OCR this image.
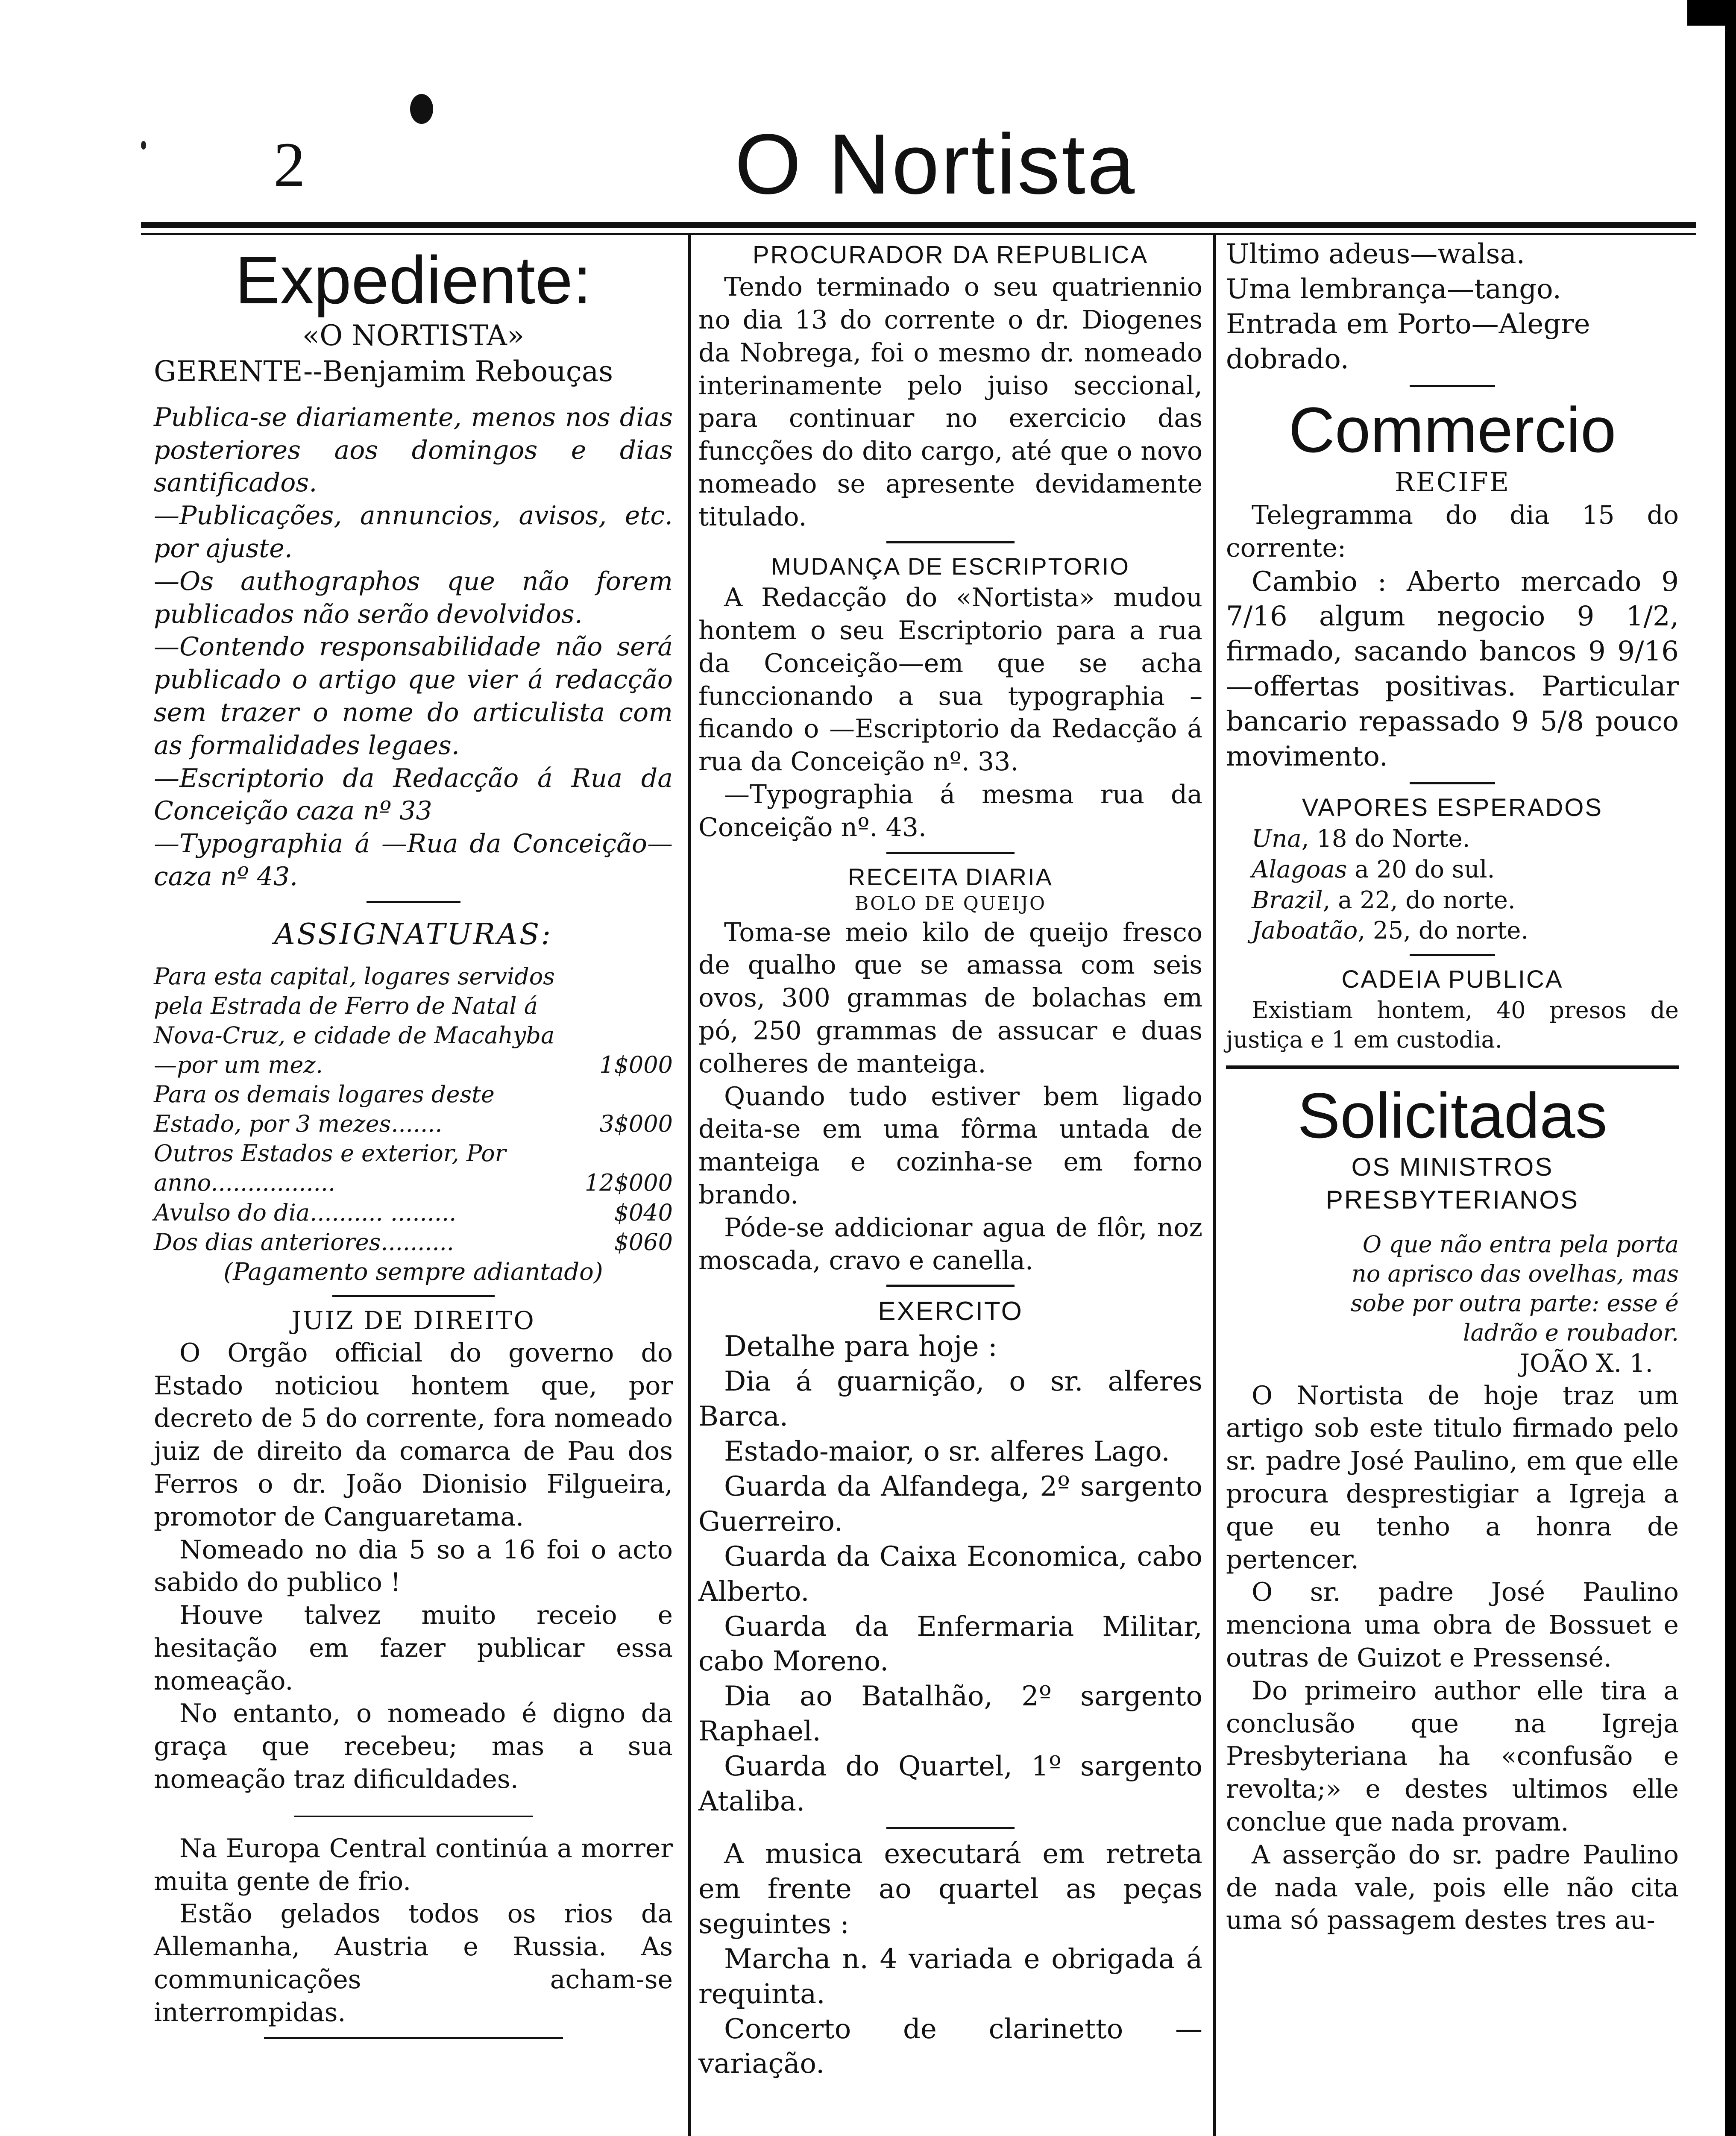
2	O Nortista
Expediente:

«O NORTISTA»

GERENTE--Benjamim Rebouças

Publica-se diariamente, menos nos dias posteriores aos domingos e dias santificados.

—Publicações, annuncios, avisos, etc. por ajuste.

—Os authographos que não forem publicados não serão devolvidos.

—Contendo responsabilidade não será publicado o artigo que vier á redacção sem trazer o nome do articulista com as formalidades legaes.

—Escriptorio da Redacção á Rua da Conceição caza nº 33

—Typographia á —Rua da Conceição—caza nº 43.

ASSIGNATURAS:

Para esta capital, logares servidos pela Estrada de Ferro de Natal á Nova-Cruz, e cidade de Macahyba—por um mez.	1$000
Para os demais logares deste Estado, por 3 mezes.......	3$000
Outros Estados e exterior, Por anno.................	12$000
Avulso do dia.......... .........	$040
Dos dias anteriores..........	$060

(Pagamento sempre adiantado)

JUIZ DE DIREITO

O Orgão official do governo do Estado noticiou hontem que, por decreto de 5 do corrente, fora nomeado juiz de direito da comarca de Pau dos Ferros o dr. João Dionisio Filgueira, promotor de Canguaretama.

Nomeado no dia 5 so a 16 foi o acto sabido do publico !

Houve talvez muito receio e hesitação em fazer publicar essa nomeação.

No entanto, o nomeado é digno da graça que recebeu; mas a sua nomeação traz dificuldades.

Na Europa Central continúa a morrer muita gente de frio.

Estão gelados todos os rios da Allemanha, Austria e Russia. As communicações acham-se interrompidas.

PROCURADOR DA REPUBLICA

Tendo terminado o seu quatriennio no dia 13 do corrente o dr. Diogenes da Nobrega, foi o mesmo dr. nomeado interinamente pelo juiso seccional, para continuar no exercicio das funcções do dito cargo, até que o novo nomeado se apresente devidamente titulado.

MUDANÇA DE ESCRIPTORIO

A Redacção do «Nortista» mudou hontem o seu Escriptorio para a rua da Conceição—em que se acha funccionando a sua typographia – ficando o —Escriptorio da Redacção á rua da Conceição nº. 33.

—Typographia á mesma rua da Conceição nº. 43.

RECEITA DIARIA

BOLO DE QUEIJO

Toma-se meio kilo de queijo fresco de qualho que se amassa com seis ovos, 300 grammas de bolachas em pó, 250 grammas de assucar e duas colheres de manteiga.

Quando tudo estiver bem ligado deita-se em uma fôrma untada de manteiga e cozinha-se em forno brando.

Póde-se addicionar agua de flôr, noz moscada, cravo e canella.

EXERCITO

Detalhe para hoje :

Dia á guarnição, o sr. alferes Barca.

Estado-maior, o sr. alferes Lago.

Guarda da Alfandega, 2º sargento Guerreiro.

Guarda da Caixa Economica, cabo Alberto.

Guarda da Enfermaria Militar, cabo Moreno.

Dia ao Batalhão, 2º sargento Raphael.

Guarda do Quartel, 1º sargento Ataliba.

A musica executará em retreta em frente ao quartel as peças seguintes :

Marcha n. 4 variada e obrigada á requinta.

Concerto de clarinetto — variação.

Ultimo adeus—walsa.

Uma lembrança—tango.

Entrada em Porto—Alegre dobrado.

Commercio

RECIFE

Telegramma do dia 15 do corrente:

Cambio : Aberto mercado 9 7/16 algum negocio 9 1/2, firmado, sacando bancos 9 9/16—offertas positivas. Particular bancario repassado 9 5/8 pouco movimento.

VAPORES ESPERADOS

Una, 18 do Norte.

Alagoas a 20 do sul.

Brazil, a 22, do norte.

Jaboatão, 25, do norte.

CADEIA PUBLICA

Existiam hontem, 40 presos de justiça e 1 em custodia.

Solicitadas

OS MINISTROS PRESBYTERIANOS

O que não entra pela porta no aprisco das ovelhas, mas sobe por outra parte: esse é ladrão e roubador.

JOÃO X. 1.

O Nortista de hoje traz um artigo sob este titulo firmado pelo sr. padre José Paulino, em que elle procura desprestigiar a Igreja a que eu tenho a honra de pertencer.

O sr. padre José Paulino menciona uma obra de Bossuet e outras de Guizot e Pressensé.

Do primeiro author elle tira a conclusão que na Igreja Presbyteriana ha «confusão e revolta;» e destes ultimos elle conclue que nada provam.

A asserção do sr. padre Paulino de nada vale, pois elle não cita uma só passagem destes tres au-
